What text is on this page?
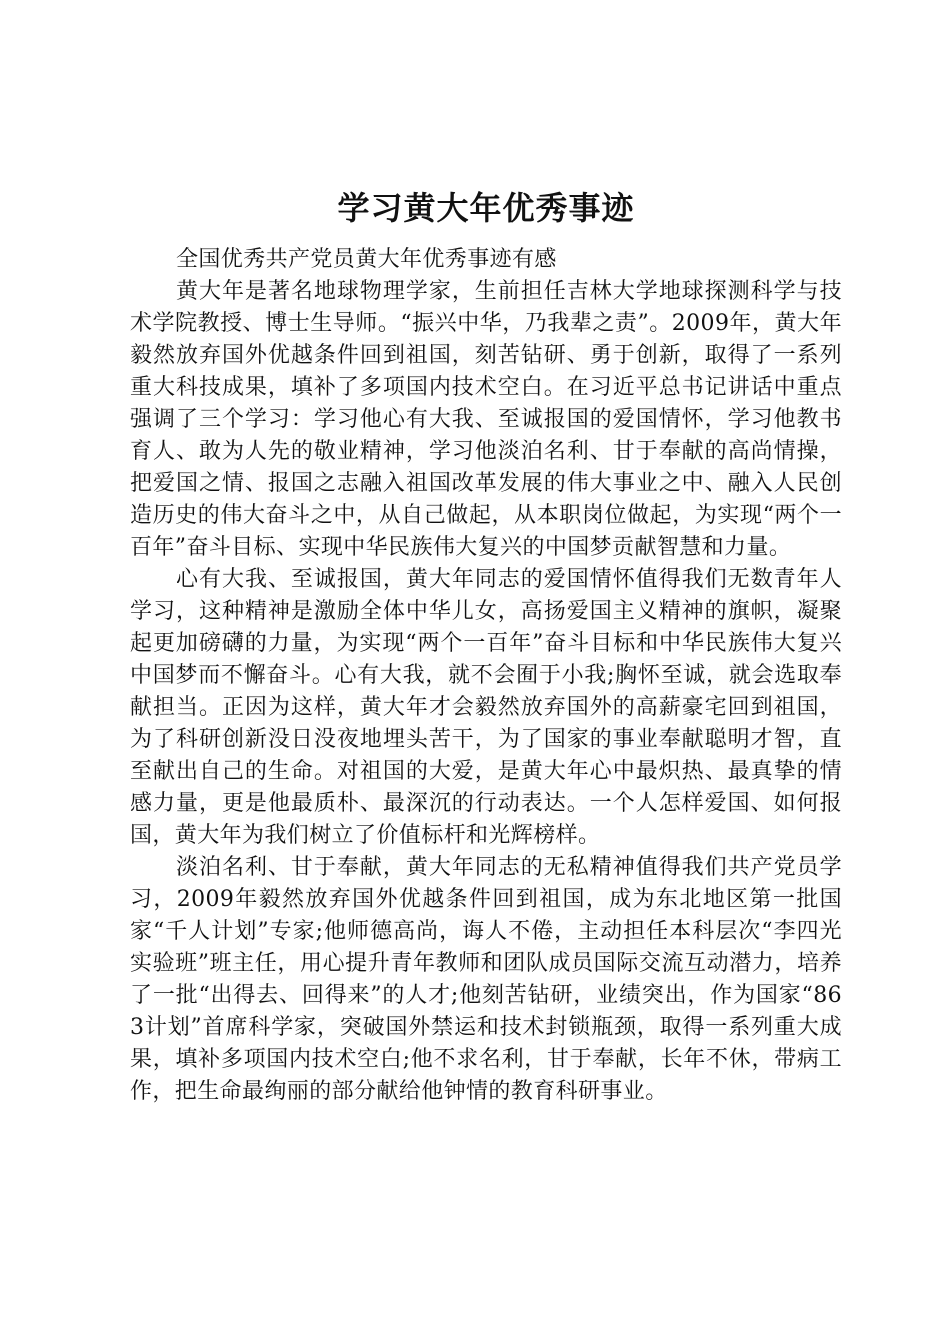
学习黄大年优秀事迹

全国优秀共产党员黄大年优秀事迹有感

黄大年是著名地球物理学家，生前担任吉林大学地球探测科学与技术学院教授、博士生导师。“振兴中华，乃我辈之责”。2009年，黄大年毅然放弃国外优越条件回到祖国，刻苦钻研、勇于创新，取得了一系列重大科技成果，填补了多项国内技术空白。在习近平总书记讲话中重点强调了三个学习：学习他心有大我、至诚报国的爱国情怀，学习他教书育人、敢为人先的敬业精神，学习他淡泊名利、甘于奉献的高尚情操，把爱国之情、报国之志融入祖国改革发展的伟大事业之中、融入人民创造历史的伟大奋斗之中，从自己做起，从本职岗位做起，为实现“两个一百年”奋斗目标、实现中华民族伟大复兴的中国梦贡献智慧和力量。

心有大我、至诚报国，黄大年同志的爱国情怀值得我们无数青年人学习，这种精神是激励全体中华儿女，高扬爱国主义精神的旗帜，凝聚起更加磅礴的力量，为实现“两个一百年”奋斗目标和中华民族伟大复兴中国梦而不懈奋斗。心有大我，就不会囿于小我;胸怀至诚，就会选取奉献担当。正因为这样，黄大年才会毅然放弃国外的高薪豪宅回到祖国，为了科研创新没日没夜地埋头苦干，为了国家的事业奉献聪明才智，直至献出自己的生命。对祖国的大爱，是黄大年心中最炽热、最真挚的情感力量，更是他最质朴、最深沉的行动表达。一个人怎样爱国、如何报国，黄大年为我们树立了价值标杆和光辉榜样。

淡泊名利、甘于奉献，黄大年同志的无私精神值得我们共产党员学习，2009年毅然放弃国外优越条件回到祖国，成为东北地区第一批国家“千人计划”专家;他师德高尚，诲人不倦，主动担任本科层次“李四光实验班”班主任，用心提升青年教师和团队成员国际交流互动潜力，培养了一批“出得去、回得来”的人才;他刻苦钻研，业绩突出，作为国家“863计划”首席科学家，突破国外禁运和技术封锁瓶颈，取得一系列重大成果，填补多项国内技术空白;他不求名利，甘于奉献，长年不休，带病工作，把生命最绚丽的部分献给他钟情的教育科研事业。
